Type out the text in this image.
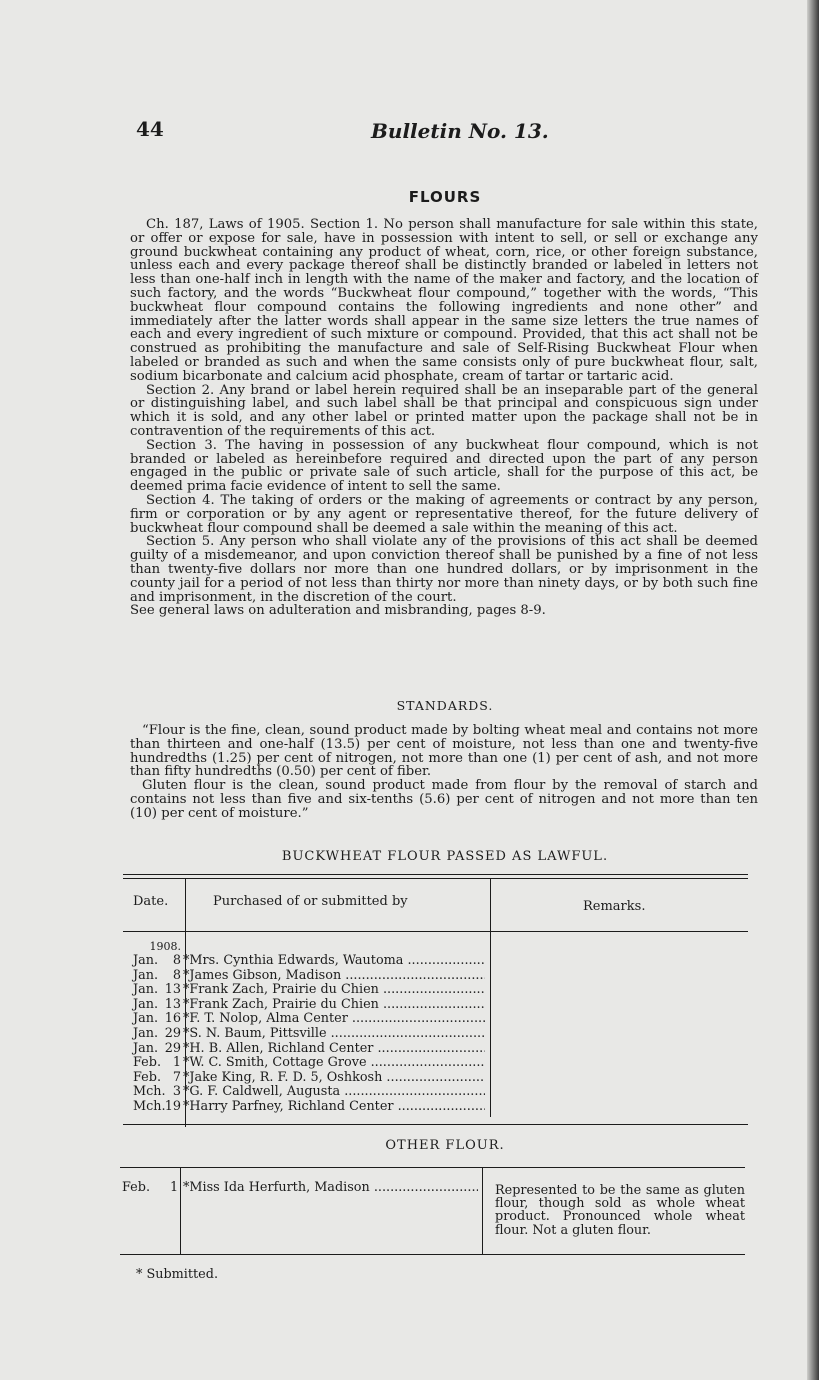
44	Bulletin No. 13.
FLOURS

Ch. 187, Laws of 1905. Section 1. No person shall manufacture for sale within this state, or offer or expose for sale, have in possession with intent to sell, or sell or exchange any ground buckwheat containing any product of wheat, corn, rice, or other foreign substance, unless each and every package thereof shall be distinctly branded or labeled in letters not less than one-half inch in length with the name of the maker and factory, and the location of such factory, and the words “Buckwheat flour compound,” together with the words, “This buckwheat flour compound contains the following ingredients and none other” and immediately after the latter words shall appear in the same size letters the true names of each and every ingredient of such mixture or compound. Provided, that this act shall not be construed as prohibiting the manufacture and sale of Self-Rising Buckwheat Flour when labeled or branded as such and when the same consists only of pure buckwheat flour, salt, sodium bicarbonate and calcium acid phosphate, cream of tartar or tartaric acid.

Section 2. Any brand or label herein required shall be an inseparable part of the general or distinguishing label, and such label shall be that principal and conspicuous sign under which it is sold, and any other label or printed matter upon the package shall not be in contravention of the requirements of this act.

Section 3. The having in possession of any buckwheat flour compound, which is not branded or labeled as hereinbefore required and directed upon the part of any person engaged in the public or private sale of such article, shall for the purpose of this act, be deemed prima facie evidence of intent to sell the same.

Section 4. The taking of orders or the making of agreements or contract by any person, firm or corporation or by any agent or representative thereof, for the future delivery of buckwheat flour compound shall be deemed a sale within the meaning of this act.

Section 5. Any person who shall violate any of the provisions of this act shall be deemed guilty of a misdemeanor, and upon conviction thereof shall be punished by a fine of not less than twenty-five dollars nor more than one hundred dollars, or by imprisonment in the county jail for a period of not less than thirty nor more than ninety days, or by both such fine and imprisonment, in the discretion of the court.

See general laws on adulteration and misbranding, pages 8-9.

STANDARDS.

“Flour is the fine, clean, sound product made by bolting wheat meal and contains not more than thirteen and one-half (13.5) per cent of moisture, not less than one and twenty-five hundredths (1.25) per cent of nitrogen, not more than one (1) per cent of ash, and not more than fifty hundredths (0.50) per cent of fiber.

Gluten flour is the clean, sound product made from flour by the removal of starch and contains not less than five and six-tenths (5.6) per cent of nitrogen and not more than ten (10) per cent of moisture.”

BUCKWHEAT FLOUR PASSED AS LAWFUL.
Date.	Purchased of or submitted by	Remarks.
1908.
Jan. 8 *Mrs. Cynthia Edwards, Wautoma .....
Jan. 8 *James Gibson, Madison .....
Jan. 13 *Frank Zach, Prairie du Chien .....
Jan. 13 *Frank Zach, Prairie du Chien .....
Jan. 16 *F. T. Nolop, Alma Center .....
Jan. 29 *S. N. Baum, Pittsville .....
Jan. 29 *H. B. Allen, Richland Center .....
Feb. 1 *W. C. Smith, Cottage Grove .....
Feb. 7 *Jake King, R. F. D. 5, Oshkosh .....
Mch. 3 *G. F. Caldwell, Augusta .....
Mch. 19 *Harry Parfney, Richland Center .....
OTHER FLOUR.
Feb. 1 *Miss Ida Herfurth, Madison .....	Represented to be the same as gluten flour, though sold as whole wheat product. Pronounced whole wheat flour. Not a gluten flour.
* Submitted.
